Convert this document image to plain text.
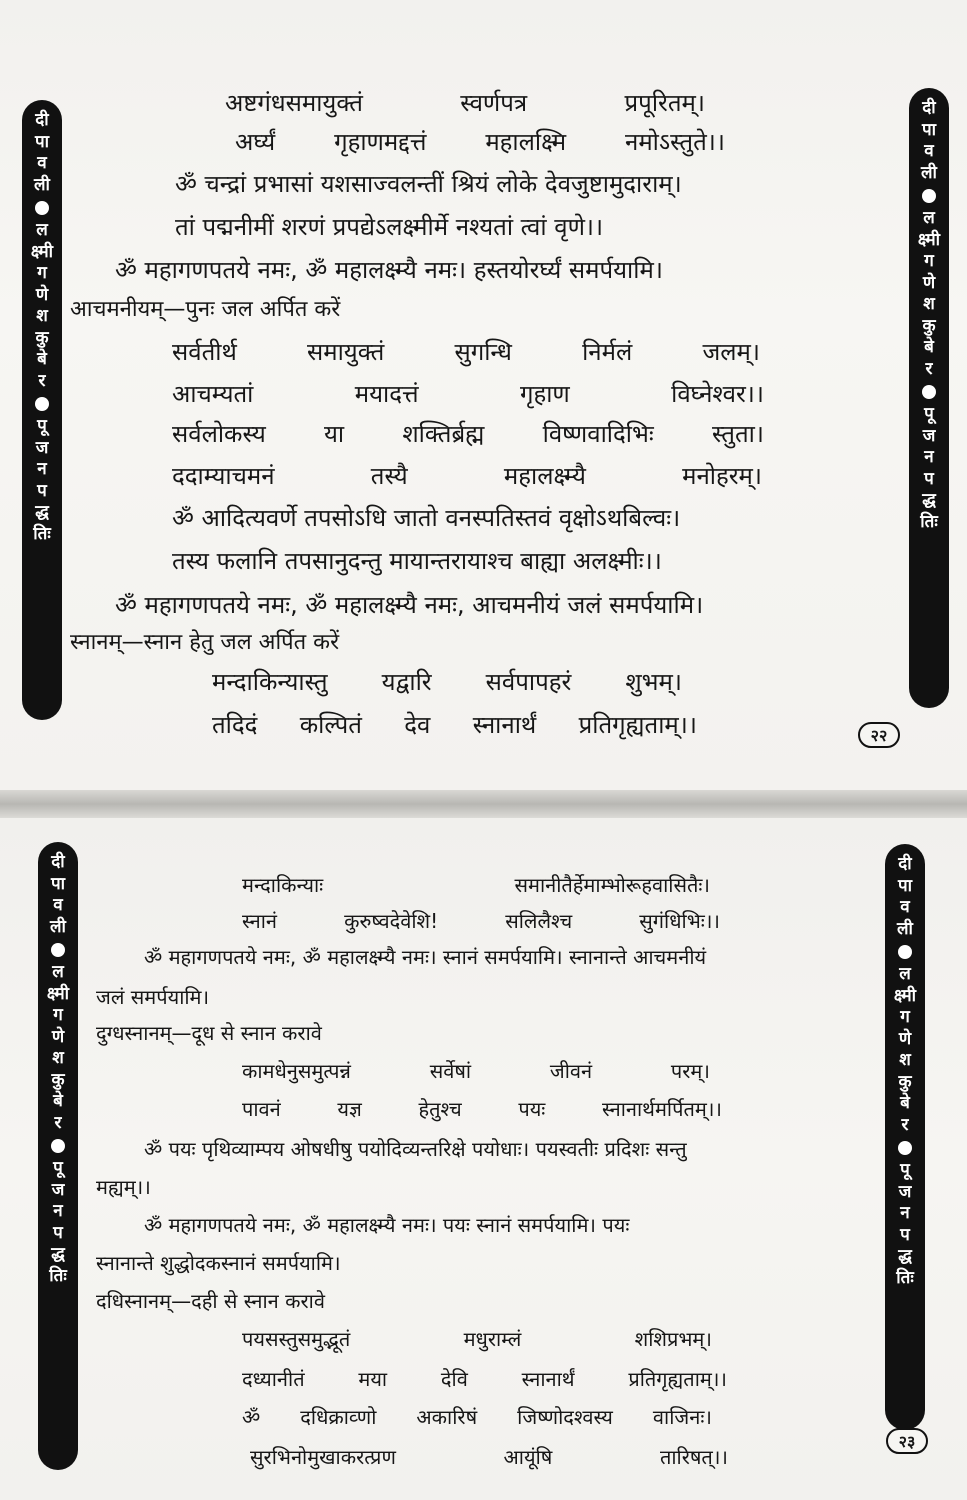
दी
पा
व
ली
ल
क्ष्मी
ग
णे
श
कु
बे
र
पू
ज
न
प
द्ध
तिः
दी
पा
व
ली
ल
क्ष्मी
ग
णे
श
कु
बे
र
पू
ज
न
प
द्ध
तिः
२२
अष्टगंधसमायुक्तं	स्वर्णपत्र	प्रपूरितम्।
अर्घ्यं गृहाणमद्दत्तं महालक्ष्मि नमोऽस्तुते।।
ॐ चन्द्रां प्रभासां यशसाज्वलन्तीं श्रियं लोके देवजुष्टामुदाराम्।
तां पद्मनीमीं शरणं प्रपद्येऽलक्ष्मीर्मे नश्यतां त्वां वृणे।।
ॐ महागणपतये नमः, ॐ महालक्ष्म्यै नमः। हस्तयोरर्घ्यं समर्पयामि।
आचमनीयम्—पुनः जल अर्पित करें
सर्वतीर्थ	समायुक्तं	सुगन्धि	निर्मलं	जलम्।
आचम्यतां	मयादत्तं	गृहाण	विघ्नेश्वर।।
सर्वलोकस्य या शक्तिर्ब्रह्म विष्णवादिभिः स्तुता।
ददाम्याचमनं	तस्यै	महालक्ष्म्यै	मनोहरम्।
ॐ आदित्यवर्णे तपसोऽधि जातो वनस्पतिस्तवं वृक्षोऽथबिल्वः।
तस्य फलानि तपसानुदन्तु मायान्तरायाश्च बाह्या अलक्ष्मीः।।
ॐ महागणपतये नमः, ॐ महालक्ष्म्यै नमः, आचमनीयं जलं समर्पयामि।
स्नानम्—स्नान हेतु जल अर्पित करें
मन्दाकिन्यास्तु यद्वारि सर्वपापहरं शुभम्।
तदिदं कल्पितं देव स्नानार्थं प्रतिगृह्यताम्।।
दी
पा
व
ली
ल
क्ष्मी
ग
णे
श
कु
बे
र
पू
ज
न
प
द्ध
तिः
दी
पा
व
ली
ल
क्ष्मी
ग
णे
श
कु
बे
र
पू
ज
न
प
द्ध
तिः
२३
मन्दाकिन्याः	समानीतैर्हेमाम्भोरूहवासितैः।
स्नानं	कुरुष्वदेवेशि!	सलिलैश्च	सुगंधिभिः।।
ॐ महागणपतये नमः, ॐ महालक्ष्म्यै नमः। स्नानं समर्पयामि। स्नानान्ते आचमनीयं
जलं समर्पयामि।
दुग्धस्नानम्—दूध से स्नान करावे
कामधेनुसमुत्पन्नं	सर्वेषां	जीवनं	परम्।
पावनं	यज्ञ	हेतुश्च	पयः	स्नानार्थमर्पितम्।।
ॐ पयः पृथिव्याम्पय ओषधीषु पयोदिव्यन्तरिक्षे पयोधाः। पयस्वतीः प्रदिशः सन्तु
मह्यम्।।
ॐ महागणपतये नमः, ॐ महालक्ष्म्यै नमः। पयः स्नानं समर्पयामि। पयः
स्नानान्ते शुद्धोदकस्नानं समर्पयामि।
दधिस्नानम्—दही से स्नान करावे
पयसस्तुसमुद्भूतं	मधुराम्लं	शशिप्रभम्।
दध्यानीतं	मया	देवि	स्नानार्थं	प्रतिगृह्यताम्।।
ॐ दधिक्राव्णो अकारिषं जिष्णोदश्वस्य वाजिनः।
सुरभिनोमुखाकरत्प्रण	आयूंषि	तारिषत्।।
